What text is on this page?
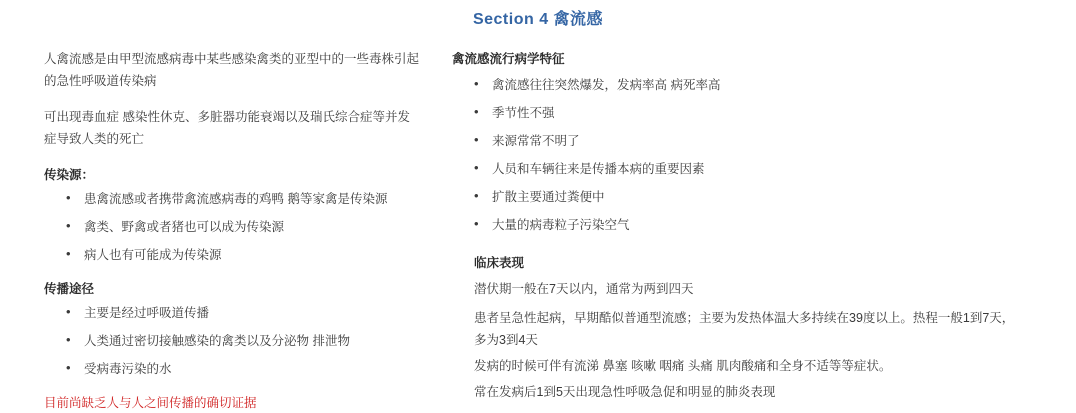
Section 4 禽流感

人禽流感是由甲型流感病毒中某些感染禽类的亚型中的一些毒株引起的急性呼吸道传染病

可出现毒血症 感染性休克、多脏器功能衰竭以及瑞氏综合症等并发症导致人类的死亡

传染源：
• 患禽流感或者携带禽流感病毒的鸡鸭 鹅等家禽是传染源
• 禽类、野禽或者猪也可以成为传染源
• 病人也有可能成为传染源
传播途径
• 主要是经过呼吸道传播
• 人类通过密切接触感染的禽类以及分泌物 排泄物
• 受病毒污染的水

目前尚缺乏人与人之间传播的确切证据

禽流感流行病学特征
• 禽流感往往突然爆发，发病率高 病死率高
• 季节性不强
• 来源常常不明了
• 人员和车辆往来是传播本病的重要因素
• 扩散主要通过粪便中
• 大量的病毒粒子污染空气
临床表现

潜伏期一般在7天以内，通常为两到四天

患者呈急性起病，早期酷似普通型流感；主要为发热体温大多持续在39度以上。热程一般1到7天，多为3到4天

发病的时候可伴有流涕 鼻塞 咳嗽 咽痛 头痛 肌肉酸痛和全身不适等等症状。

常在发病后1到5天出现急性呼吸急促和明显的肺炎表现
